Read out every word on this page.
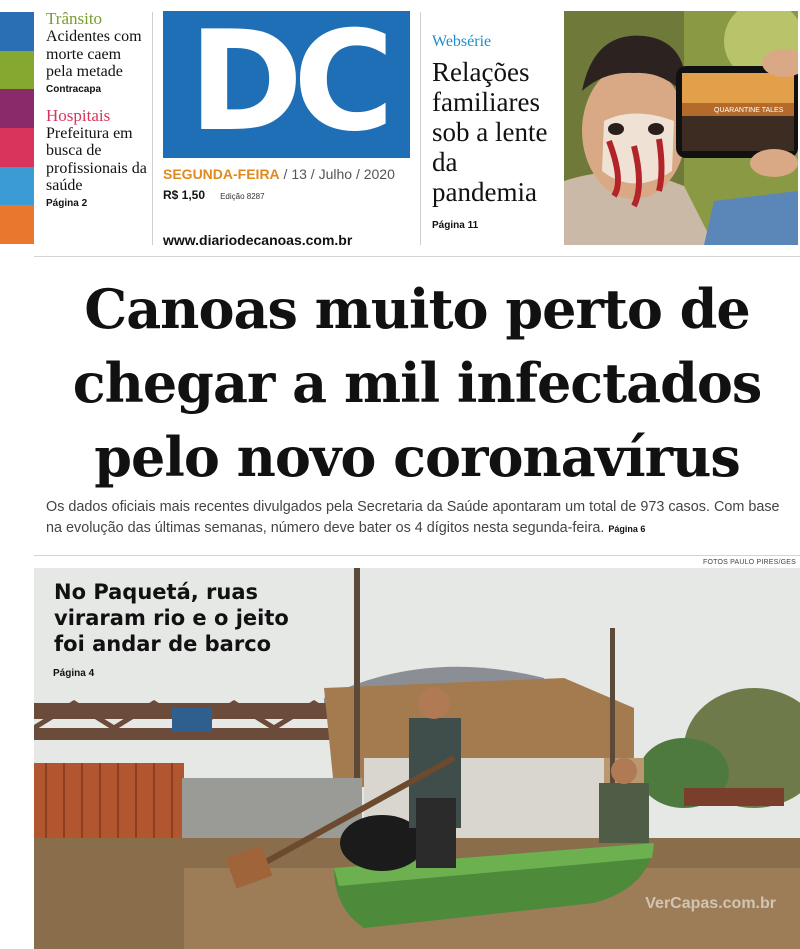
Trânsito
Acidentes com morte caem pela metade
Contracapa
Hospitais
Prefeitura em busca de profissionais da saúde
Página 2
DC
SEGUNDA-FEIRA / 13 / Julho / 2020
R$ 1,50 Edição 8287
www.diariodecanoas.com.br
Websérie
Relações familiares sob a lente da pandemia
Página 11
QUARANTINE TALES
Canoas muito perto de chegar a mil infectados pelo novo coronavírus

Os dados oficiais mais recentes divulgados pela Secretaria da Saúde apontaram um total de 973 casos. Com base na evolução das últimas semanas, número deve bater os 4 dígitos nesta segunda-feira. Página 6

FOTOS PAULO PIRES/GES
VerCapas.com.br
No Paquetá, ruas viraram rio e o jeito foi andar de barco
Página 4
